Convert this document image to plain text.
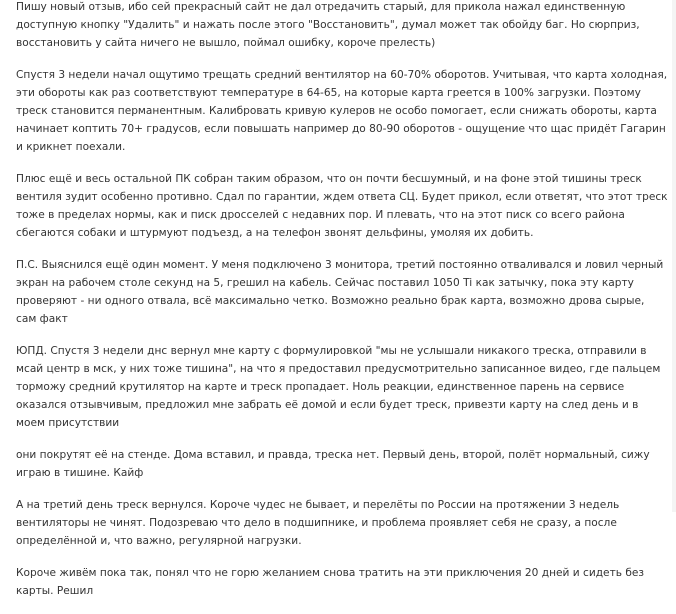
Пишу новый отзыв, ибо сей прекрасный сайт не дал отредачить старый, для прикола нажал единственную доступную кнопку "Удалить" и нажать после этого "Восстановить", думал может так обойду баг. Но сюрприз, восстановить у сайта ничего не вышло, поймал ошибку, короче прелесть)

Спустя 3 недели начал ощутимо трещать средний вентилятор на 60-70% оборотов. Учитывая, что карта холодная, эти обороты как раз соответствуют температуре в 64-65, на которые карта греется в 100% загрузки. Поэтому треск становится перманентным. Калибровать кривую кулеров не особо помогает, если снижать обороты, карта начинает коптить 70+ градусов, если повышать например до 80-90 оборотов - ощущение что щас придёт Гагарин и крикнет поехали.

Плюс ещё и весь остальной ПК собран таким образом, что он почти бесшумный, и на фоне этой тишины треск вентиля зудит особенно противно. Сдал по гарантии, ждем ответа СЦ. Будет прикол, если ответят, что этот треск тоже в пределах нормы, как и писк дросселей с недавних пор. И плевать, что на этот писк со всего района сбегаются собаки и штурмуют подъезд, а на телефон звонят дельфины, умоляя их добить.

П.С. Выяснился ещё один момент. У меня подключено 3 монитора, третий постоянно отваливался и ловил черный экран на рабочем столе секунд на 5, грешил на кабель. Сейчас поставил 1050 Ti как затычку, пока эту карту проверяют - ни одного отвала, всё максимально четко. Возможно реально брак карта, возможно дрова сырые, сам факт

ЮПД. Спустя 3 недели днс вернул мне карту с формулировкой "мы не услышали никакого треска, отправили в мсай центр в мск, у них тоже тишина", на что я предоставил предусмотрительно записанное видео, где пальцем торможу средний крутилятор на карте и треск пропадает. Ноль реакции, единственное парень на сервисе оказался отзывчивым, предложил мне забрать её домой и если будет треск, привезти карту на след день и в моем присутствии

они покрутят её на стенде. Дома вставил, и правда, треска нет. Первый день, второй, полёт нормальный, сижу играю в тишине. Кайф

А на третий день треск вернулся. Короче чудес не бывает, и перелёты по России на протяжении 3 недель вентиляторы не чинят. Подозреваю что дело в подшипнике, и проблема проявляет себя не сразу, а после определённой и, что важно, регулярной нагрузки.

Короче живём пока так, понял что не горю желанием снова тратить на эти приключения 20 дней и сидеть без карты. Решил
